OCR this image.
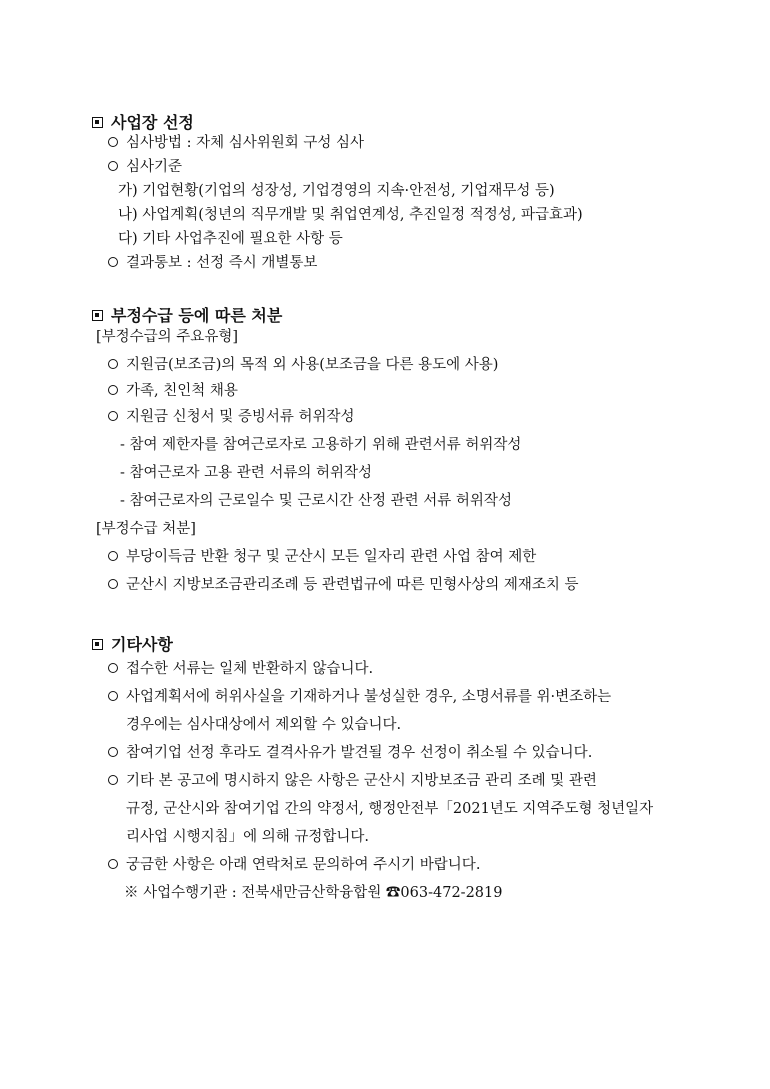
사업장 선정
심사방법 : 자체 심사위원회 구성 심사
심사기준
가) 기업현황(기업의 성장성, 기업경영의 지속·안전성, 기업재무성 등)
나) 사업계획(청년의 직무개발 및 취업연계성, 추진일정 적정성, 파급효과)
다) 기타 사업추진에 필요한 사항 등
결과통보 : 선정 즉시 개별통보
부정수급 등에 따른 처분
[부정수급의 주요유형]
지원금(보조금)의 목적 외 사용(보조금을 다른 용도에 사용)
가족, 친인척 채용
지원금 신청서 및 증빙서류 허위작성
- 참여 제한자를 참여근로자로 고용하기 위해 관련서류 허위작성
- 참여근로자 고용 관련 서류의 허위작성
- 참여근로자의 근로일수 및 근로시간 산정 관련 서류 허위작성
[부정수급 처분]
부당이득금 반환 청구 및 군산시 모든 일자리 관련 사업 참여 제한
군산시 지방보조금관리조례 등 관련법규에 따른 민형사상의 제재조치 등
기타사항
접수한 서류는 일체 반환하지 않습니다.
사업계획서에 허위사실을 기재하거나 불성실한 경우, 소명서류를 위·변조하는
경우에는 심사대상에서 제외할 수 있습니다.
참여기업 선정 후라도 결격사유가 발견될 경우 선정이 취소될 수 있습니다.
기타 본 공고에 명시하지 않은 사항은 군산시 지방보조금 관리 조례 및 관련
규정, 군산시와 참여기업 간의 약정서, 행정안전부「2021년도 지역주도형 청년일자
리사업 시행지침」에 의해 규정합니다.
궁금한 사항은 아래 연락처로 문의하여 주시기 바랍니다.
※ 사업수행기관 : 전북새만금산학융합원 ☎063-472-2819
